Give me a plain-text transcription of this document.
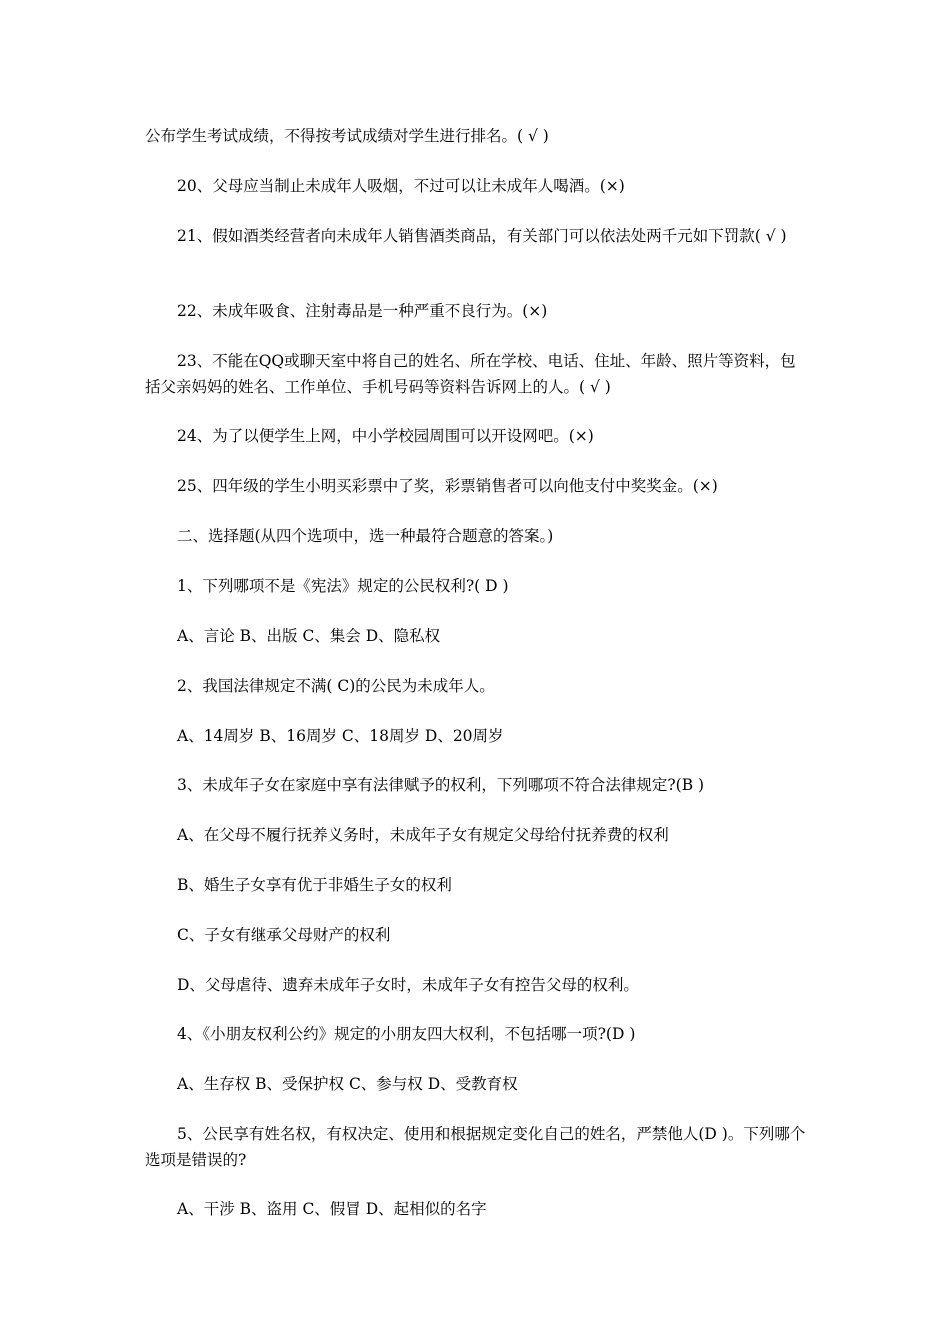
公布学生考试成绩，不得按考试成绩对学生进行排名。( √ )

20、父母应当制止未成年人吸烟，不过可以让未成年人喝酒。(×)

21、假如酒类经营者向未成年人销售酒类商品，有关部门可以依法处两千元如下罚款( √ )

22、未成年吸食、注射毒品是一种严重不良行为。(×)

23、不能在QQ或聊天室中将自己的姓名、所在学校、电话、住址、年龄、照片等资料，包括父亲妈妈的姓名、工作单位、手机号码等资料告诉网上的人。( √ )

24、为了以便学生上网，中小学校园周围可以开设网吧。(×)

25、四年级的学生小明买彩票中了奖，彩票销售者可以向他支付中奖奖金。(×)

二、选择题(从四个选项中，选一种最符合题意的答案。)

1、下列哪项不是《宪法》规定的公民权利?( D )

A、言论 B、出版 C、集会 D、隐私权

2、我国法律规定不满( C)的公民为未成年人。

A、14周岁 B、16周岁 C、18周岁 D、20周岁

3、未成年子女在家庭中享有法律赋予的权利，下列哪项不符合法律规定?(B )

A、在父母不履行抚养义务时，未成年子女有规定父母给付抚养费的权利

B、婚生子女享有优于非婚生子女的权利

C、子女有继承父母财产的权利

D、父母虐待、遗弃未成年子女时，未成年子女有控告父母的权利。

4、《小朋友权利公约》规定的小朋友四大权利，不包括哪一项?(D )

A、生存权 B、受保护权 C、参与权 D、受教育权

5、公民享有姓名权，有权决定、使用和根据规定变化自己的姓名，严禁他人(D )。下列哪个选项是错误的?

A、干涉 B、盗用 C、假冒 D、起相似的名字
